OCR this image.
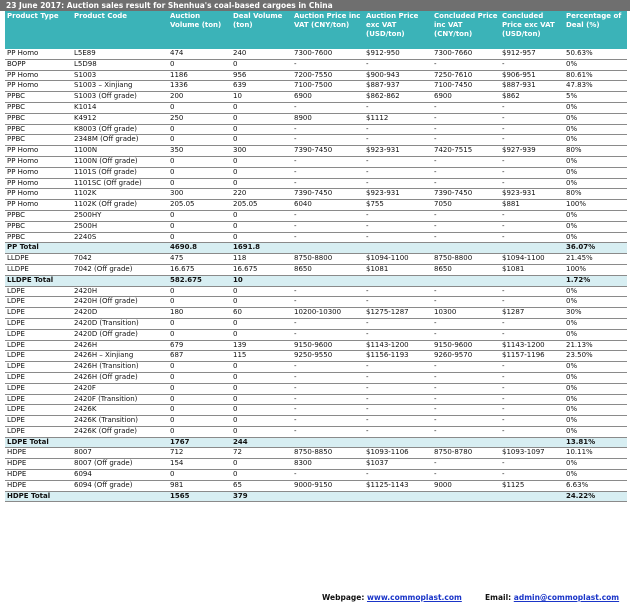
23 June 2017: Auction sales result for Shenhua's coal-based cargoes in China
Product Type	Product Code	Auction Volume (ton)	Deal Volume (ton)	Auction Price inc VAT (CNY/ton)	Auction Price exc VAT (USD/ton)	Concluded Price inc VAT (CNY/ton)	Concluded Price exc VAT (USD/ton)	Percentage of Deal (%)
PP Homo	L5E89	474	240	7300-7600	$912-950	7300-7660	$912-957	50.63%
BOPP	L5D98	0	0	-	-	-	-	0%
PP Homo	S1003	1186	956	7200-7550	$900-943	7250-7610	$906-951	80.61%
PP Homo	S1003 – Xinjiang	1336	639	7100-7500	$887-937	7100-7450	$887-931	47.83%
PPBC	S1003 (Off grade)	200	10	6900	$862-862	6900	$862	5%
PPBC	K1014	0	0	-	-	-	-	0%
PPBC	K4912	250	0	8900	$1112	-	-	0%
PPBC	K8003 (Off grade)	0	0	-	-	-	-	0%
PPBC	2348M (Off grade)	0	0	-	-	-	-	0%
PP Homo	1100N	350	300	7390-7450	$923-931	7420-7515	$927-939	80%
PP Homo	1100N (Off grade)	0	0	-	-	-	-	0%
PP Homo	1101S (Off grade)	0	0	-	-	-	-	0%
PP Homo	1101SC (Off grade)	0	0	-	-	-	-	0%
PP Homo	1102K	300	220	7390-7450	$923-931	7390-7450	$923-931	80%
PP Homo	1102K (Off grade)	205.05	205.05	6040	$755	7050	$881	100%
PPBC	2500HY	0	0	-	-	-	-	0%
PPBC	2500H	0	0	-	-	-	-	0%
PPBC	2240S	0	0	-	-	-	-	0%
PP Total		4690.8	1691.8					36.07%
LLDPE	7042	475	118	8750-8800	$1094-1100	8750-8800	$1094-1100	21.45%
LLDPE	7042 (Off grade)	16.675	16.675	8650	$1081	8650	$1081	100%
LLDPE Total		582.675	10					1.72%
LDPE	2420H	0	0	-	-	-	-	0%
LDPE	2420H (Off grade)	0	0	-	-	-	-	0%
LDPE	2420D	180	60	10200-10300	$1275-1287	10300	$1287	30%
LDPE	2420D (Transition)	0	0	-	-	-	-	0%
LDPE	2420D (Off grade)	0	0	-	-	-	-	0%
LDPE	2426H	679	139	9150-9600	$1143-1200	9150-9600	$1143-1200	21.13%
LDPE	2426H – Xinjiang	687	115	9250-9550	$1156-1193	9260-9570	$1157-1196	23.50%
LDPE	2426H (Transition)	0	0	-	-	-	-	0%
LDPE	2426H (Off grade)	0	0	-	-	-	-	0%
LDPE	2420F	0	0	-	-	-	-	0%
LDPE	2420F (Transition)	0	0	-	-	-	-	0%
LDPE	2426K	0	0	-	-	-	-	0%
LDPE	2426K (Transition)	0	0	-	-	-	-	0%
LDPE	2426K (Off grade)	0	0	-	-	-	-	0%
LDPE Total		1767	244					13.81%
HDPE	8007	712	72	8750-8850	$1093-1106	8750-8780	$1093-1097	10.11%
HDPE	8007 (Off grade)	154	0	8300	$1037	-	-	0%
HDPE	6094	0	0	-	-	-	-	0%
HDPE	6094 (Off grade)	981	65	9000-9150	$1125-1143	9000	$1125	6.63%
HDPE Total		1565	379					24.22%
Webpage: www.commoplast.com	Email: admin@commoplast.com
